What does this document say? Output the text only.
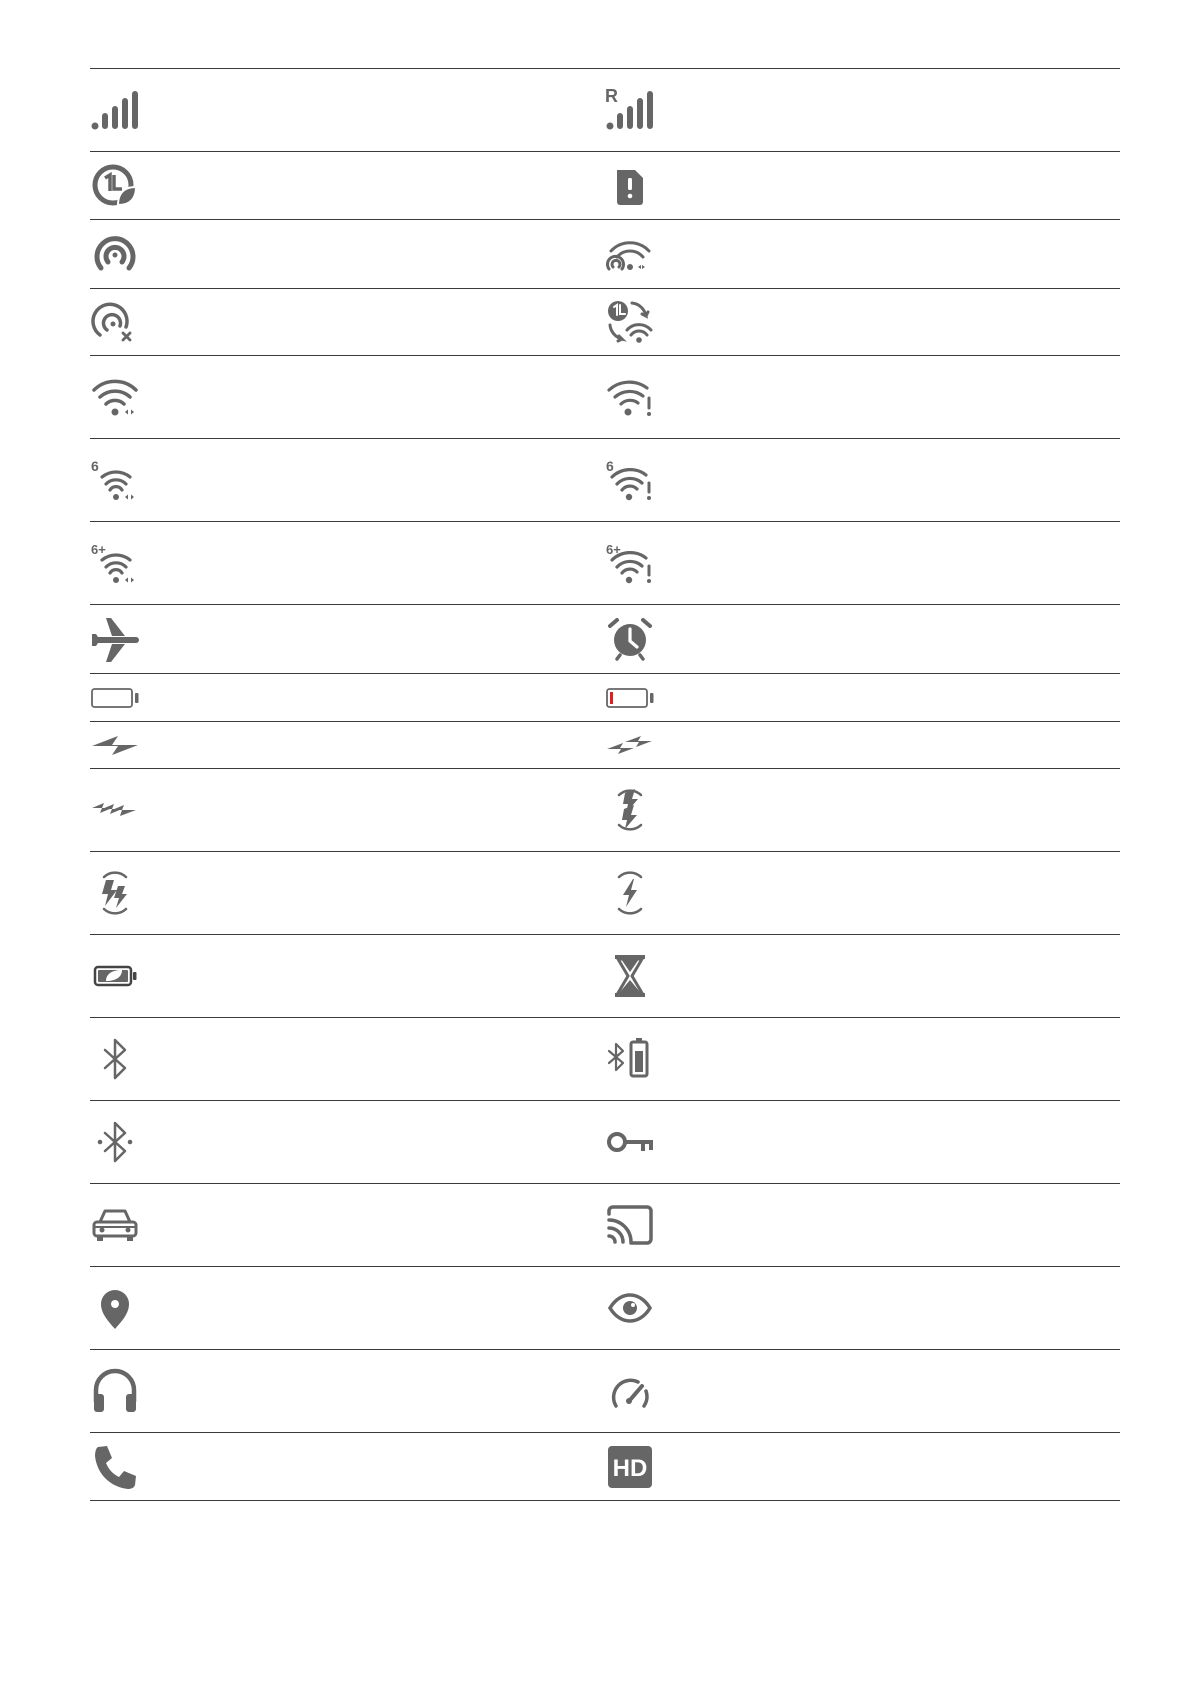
R
6	6
6+	6+
HD
